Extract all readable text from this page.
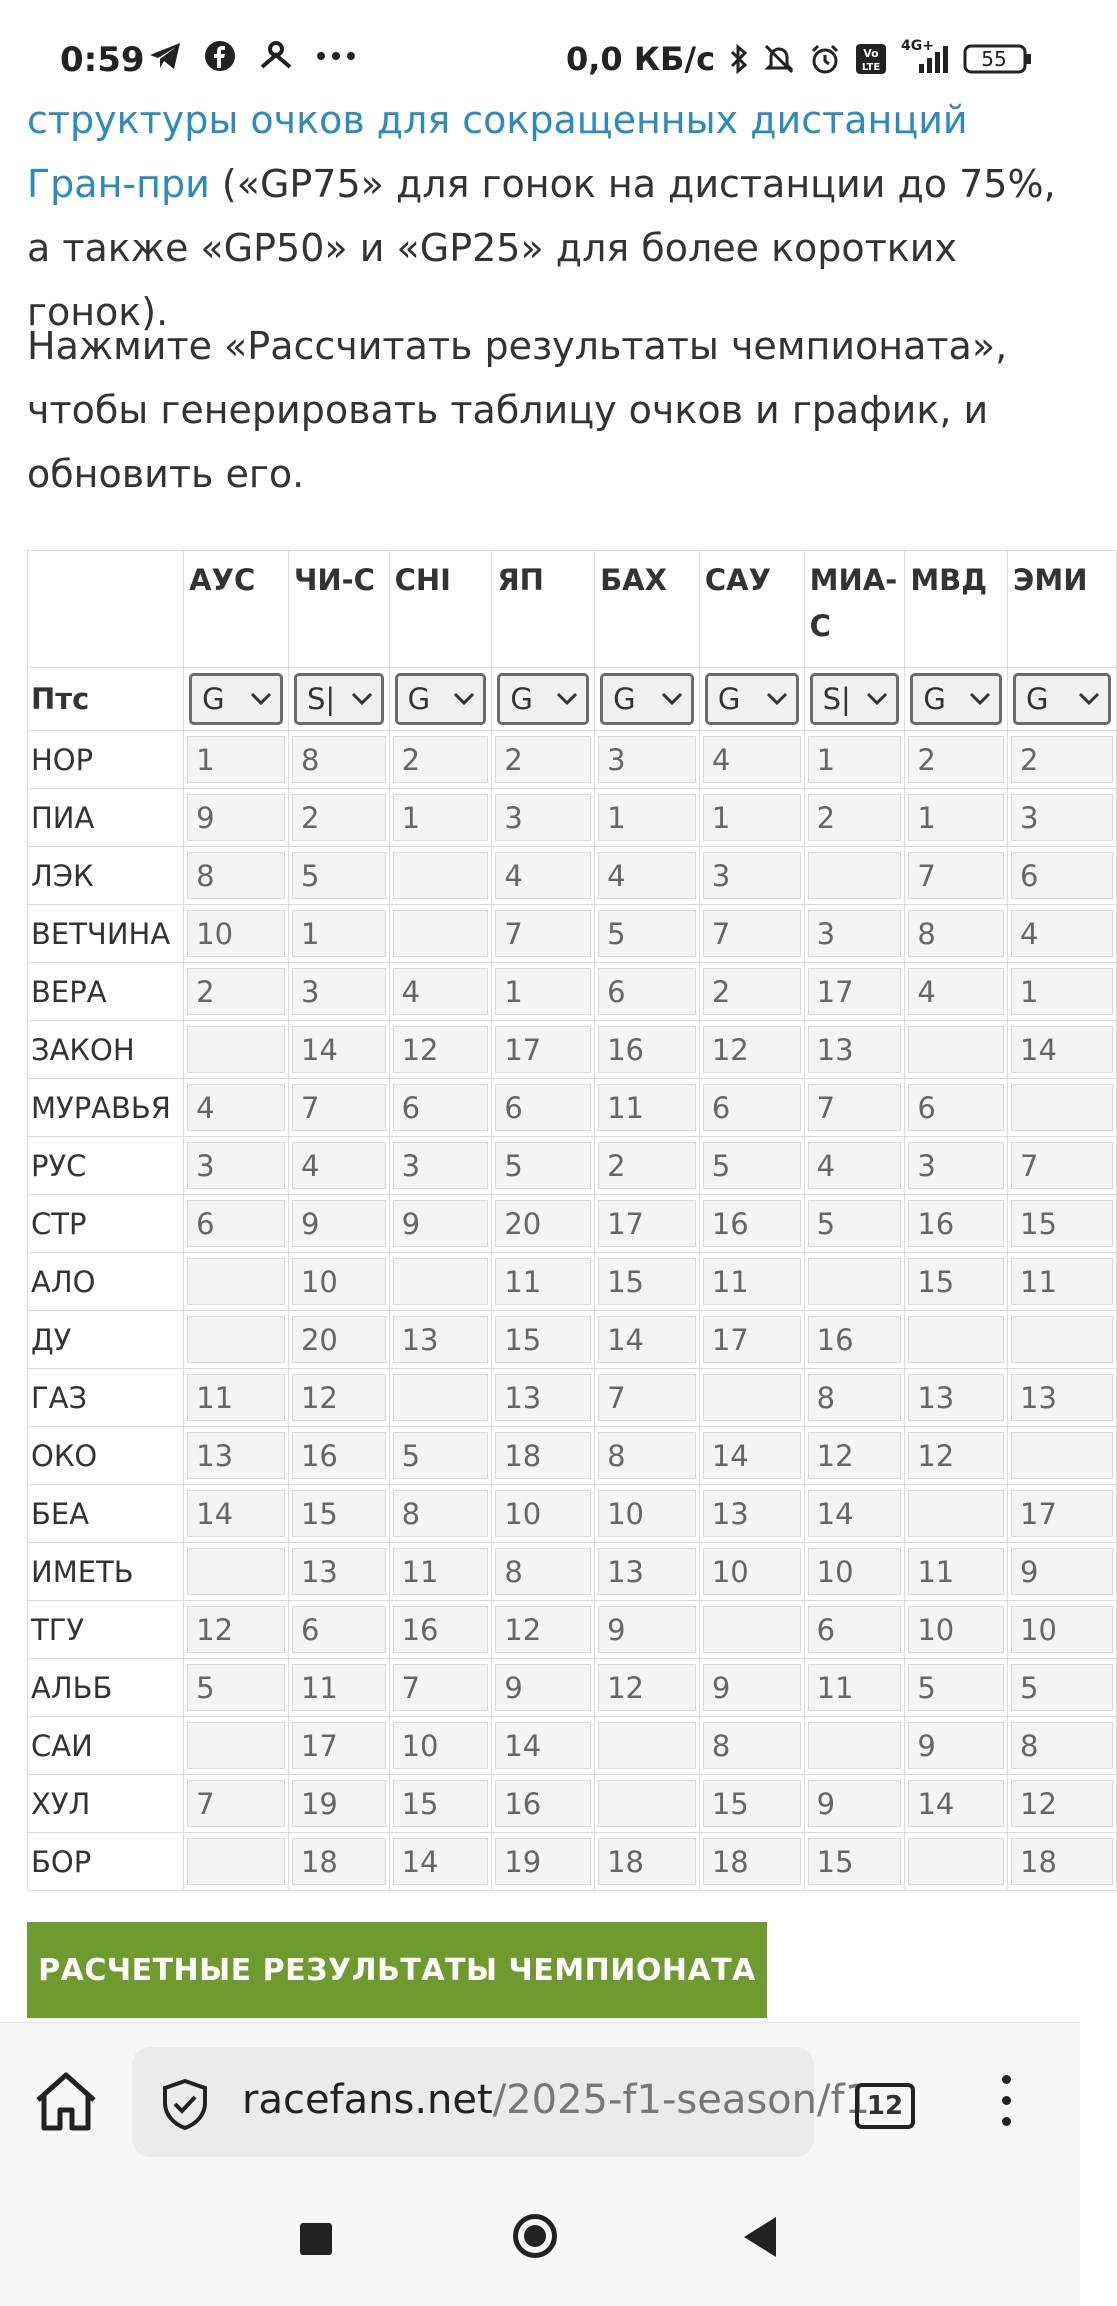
0:59	0,0 КБ/с	Vo
LTE
4G+
55
структуры очков для сокращенных дистанций Гран-при («GP75» для гонок на дистанции до 75%, а также «GP50» и «GP25» для более коротких гонок).
Нажмите «Рассчитать результаты чемпионата», чтобы генерировать таблицу очков и график, и обновить его.
	АУС	ЧИ-С	CHI	ЯП	БАХ	САУ	МИА-С	МВД	ЭМИ
Птс	G	S|	G	G	G	G	S|	G	G

НОР	1	8	2	2	3	4	1	2	2

ПИА	9	2	1	3	1	1	2	1	3

ЛЭК	8	5		4	4	3		7	6

ВЕТЧИНА	10	1		7	5	7	3	8	4

ВЕРА	2	3	4	1	6	2	17	4	1

ЗАКОН		14	12	17	16	12	13		14

МУРАВЬЯ	4	7	6	6	11	6	7	6	

РУС	3	4	3	5	2	5	4	3	7

СТР	6	9	9	20	17	16	5	16	15

АЛО		10		11	15	11		15	11

ДУ		20	13	15	14	17	16		

ГАЗ	11	12		13	7		8	13	13

ОКО	13	16	5	18	8	14	12	12	

БЕА	14	15	8	10	10	13	14		17

ИМЕТЬ		13	11	8	13	10	10	11	9

ТГУ	12	6	16	12	9		6	10	10

АЛЬБ	5	11	7	9	12	9	11	5	5

САИ		17	10	14		8		9	8

ХУЛ	7	19	15	16		15	9	14	12

БОР		18	14	19	18	18	15		18
РАСЧЕТНЫЕ РЕЗУЛЬТАТЫ ЧЕМПИОНАТА
racefans.net/2025-f1-season/f1
12
